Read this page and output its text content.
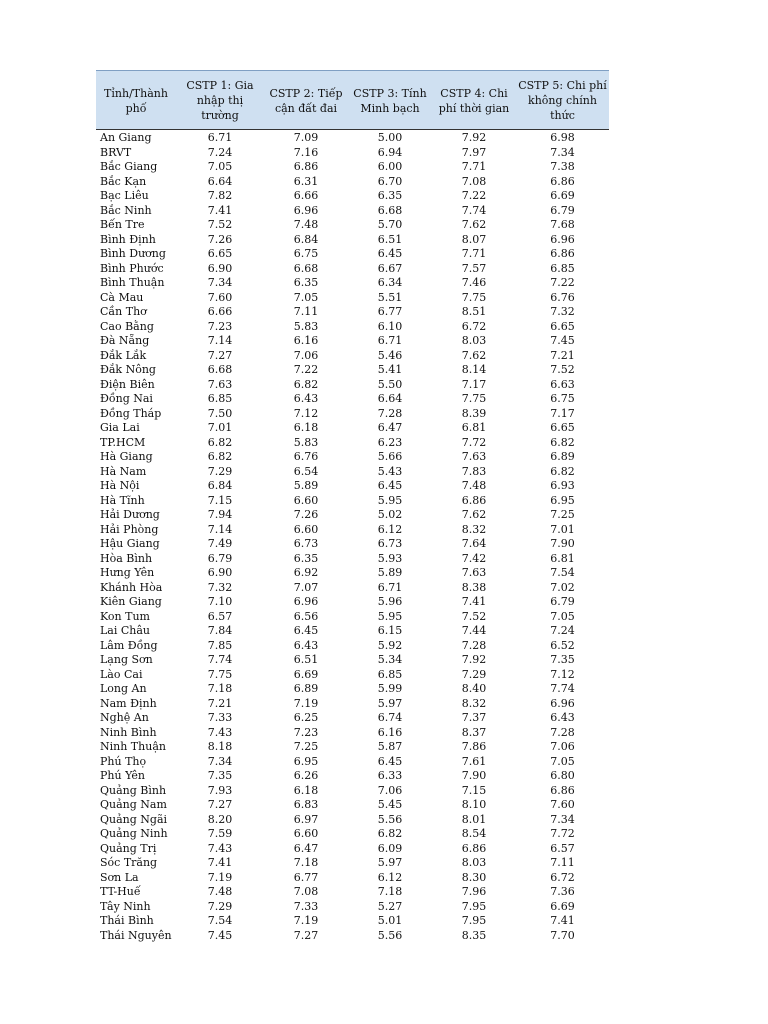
Tỉnh/Thành phố	CSTP 1: Gia nhập thị trường	CSTP 2: Tiếp cận đất đai	CSTP 3: Tính Minh bạch	CSTP 4: Chi phí thời gian	CSTP 5: Chi phí không chính thức
An Giang	6.71	7.09	5.00	7.92	6.98
BRVT	7.24	7.16	6.94	7.97	7.34
Bắc Giang	7.05	6.86	6.00	7.71	7.38
Bắc Kạn	6.64	6.31	6.70	7.08	6.86
Bạc Liêu	7.82	6.66	6.35	7.22	6.69
Bắc Ninh	7.41	6.96	6.68	7.74	6.79
Bến Tre	7.52	7.48	5.70	7.62	7.68
Bình Định	7.26	6.84	6.51	8.07	6.96
Bình Dương	6.65	6.75	6.45	7.71	6.86
Bình Phước	6.90	6.68	6.67	7.57	6.85
Bình Thuận	7.34	6.35	6.34	7.46	7.22
Cà Mau	7.60	7.05	5.51	7.75	6.76
Cần Thơ	6.66	7.11	6.77	8.51	7.32
Cao Bằng	7.23	5.83	6.10	6.72	6.65
Đà Nẵng	7.14	6.16	6.71	8.03	7.45
Đắk Lắk	7.27	7.06	5.46	7.62	7.21
Đắk Nông	6.68	7.22	5.41	8.14	7.52
Điện Biên	7.63	6.82	5.50	7.17	6.63
Đồng Nai	6.85	6.43	6.64	7.75	6.75
Đồng Tháp	7.50	7.12	7.28	8.39	7.17
Gia Lai	7.01	6.18	6.47	6.81	6.65
TP.HCM	6.82	5.83	6.23	7.72	6.82
Hà Giang	6.82	6.76	5.66	7.63	6.89
Hà Nam	7.29	6.54	5.43	7.83	6.82
Hà Nội	6.84	5.89	6.45	7.48	6.93
Hà Tĩnh	7.15	6.60	5.95	6.86	6.95
Hải Dương	7.94	7.26	5.02	7.62	7.25
Hải Phòng	7.14	6.60	6.12	8.32	7.01
Hậu Giang	7.49	6.73	6.73	7.64	7.90
Hòa Bình	6.79	6.35	5.93	7.42	6.81
Hưng Yên	6.90	6.92	5.89	7.63	7.54
Khánh Hòa	7.32	7.07	6.71	8.38	7.02
Kiên Giang	7.10	6.96	5.96	7.41	6.79
Kon Tum	6.57	6.56	5.95	7.52	7.05
Lai Châu	7.84	6.45	6.15	7.44	7.24
Lâm Đồng	7.85	6.43	5.92	7.28	6.52
Lạng Sơn	7.74	6.51	5.34	7.92	7.35
Lào Cai	7.75	6.69	6.85	7.29	7.12
Long An	7.18	6.89	5.99	8.40	7.74
Nam Định	7.21	7.19	5.97	8.32	6.96
Nghệ An	7.33	6.25	6.74	7.37	6.43
Ninh Bình	7.43	7.23	6.16	8.37	7.28
Ninh Thuận	8.18	7.25	5.87	7.86	7.06
Phú Thọ	7.34	6.95	6.45	7.61	7.05
Phú Yên	7.35	6.26	6.33	7.90	6.80
Quảng Bình	7.93	6.18	7.06	7.15	6.86
Quảng Nam	7.27	6.83	5.45	8.10	7.60
Quảng Ngãi	8.20	6.97	5.56	8.01	7.34
Quảng Ninh	7.59	6.60	6.82	8.54	7.72
Quảng Trị	7.43	6.47	6.09	6.86	6.57
Sóc Trăng	7.41	7.18	5.97	8.03	7.11
Sơn La	7.19	6.77	6.12	8.30	6.72
TT-Huế	7.48	7.08	7.18	7.96	7.36
Tây Ninh	7.29	7.33	5.27	7.95	6.69
Thái Bình	7.54	7.19	5.01	7.95	7.41
Thái Nguyên	7.45	7.27	5.56	8.35	7.70
